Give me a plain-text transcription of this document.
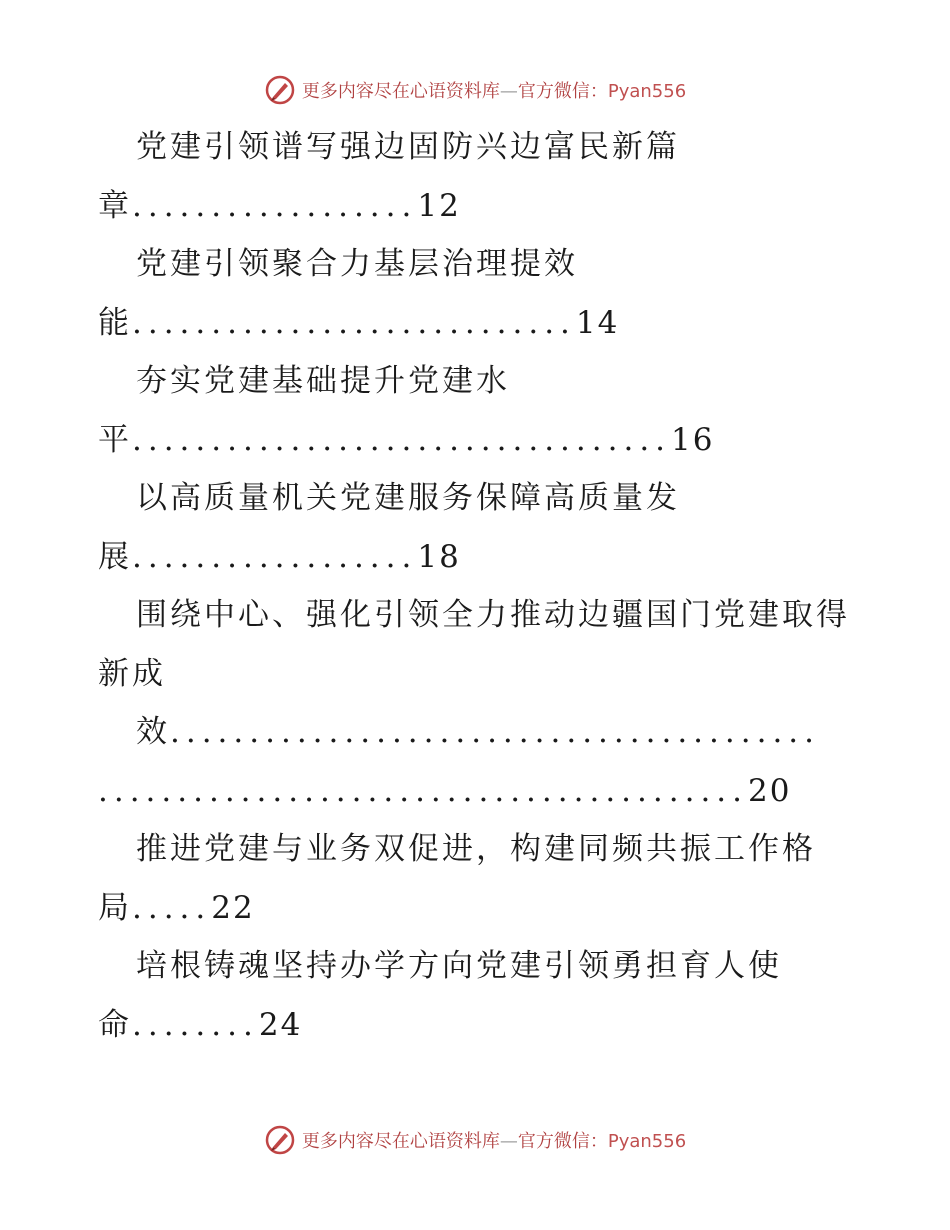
更多内容尽在心语资料库—官方微信：Pyan556
党建引领谱写强边固防兴边富民新篇
章..................12
党建引领聚合力基层治理提效
能............................14
夯实党建基础提升党建水
平..................................16
以高质量机关党建服务保障高质量发
展..................18
围绕中心、强化引领全力推动边疆国门党建取得
新成
效.........................................
.........................................20
推进党建与业务双促进，构建同频共振工作格
局.....22
培根铸魂坚持办学方向党建引领勇担育人使
命........24
更多内容尽在心语资料库—官方微信：Pyan556
